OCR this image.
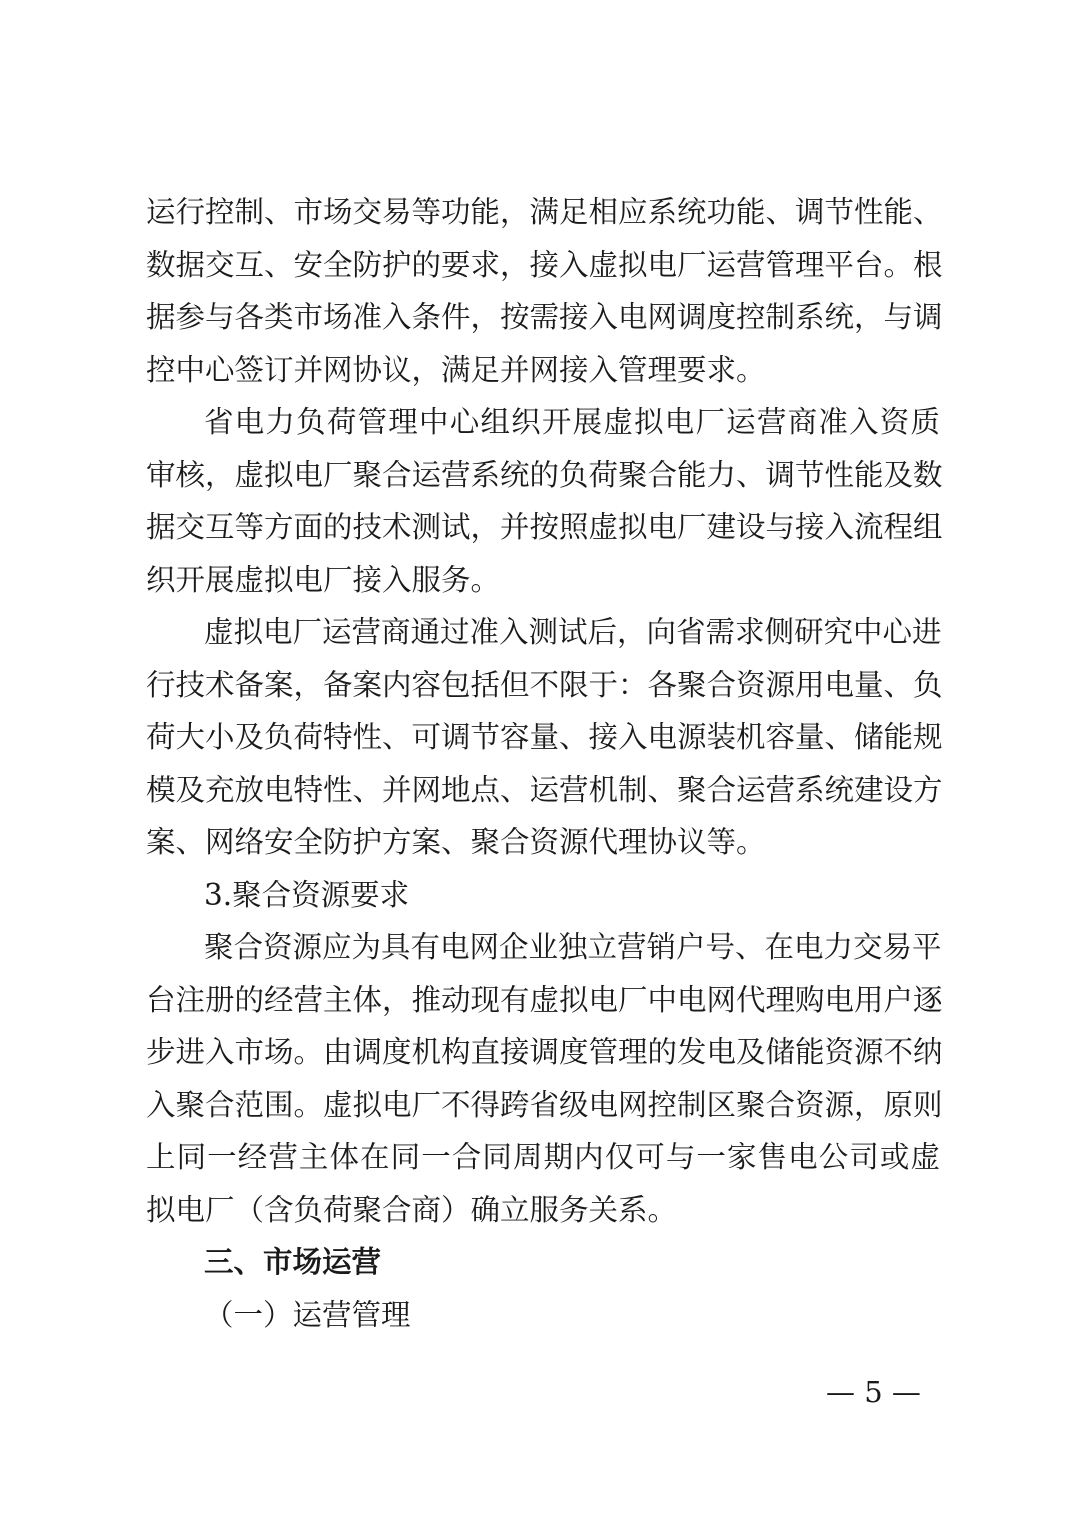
运行控制、市场交易等功能，满足相应系统功能、调节性能、
数据交互、安全防护的要求，接入虚拟电厂运营管理平台。根
据参与各类市场准入条件，按需接入电网调度控制系统，与调
控中心签订并网协议，满足并网接入管理要求。
省电力负荷管理中心组织开展虚拟电厂运营商准入资质
审核，虚拟电厂聚合运营系统的负荷聚合能力、调节性能及数
据交互等方面的技术测试，并按照虚拟电厂建设与接入流程组
织开展虚拟电厂接入服务。
虚拟电厂运营商通过准入测试后，向省需求侧研究中心进
行技术备案，备案内容包括但不限于：各聚合资源用电量、负
荷大小及负荷特性、可调节容量、接入电源装机容量、储能规
模及充放电特性、并网地点、运营机制、聚合运营系统建设方
案、网络安全防护方案、聚合资源代理协议等。
3.聚合资源要求
聚合资源应为具有电网企业独立营销户号、在电力交易平
台注册的经营主体，推动现有虚拟电厂中电网代理购电用户逐
步进入市场。由调度机构直接调度管理的发电及储能资源不纳
入聚合范围。虚拟电厂不得跨省级电网控制区聚合资源，原则
上同一经营主体在同一合同周期内仅可与一家售电公司或虚
拟电厂（含负荷聚合商）确立服务关系。
三、市场运营
（一）运营管理
— 5 —
